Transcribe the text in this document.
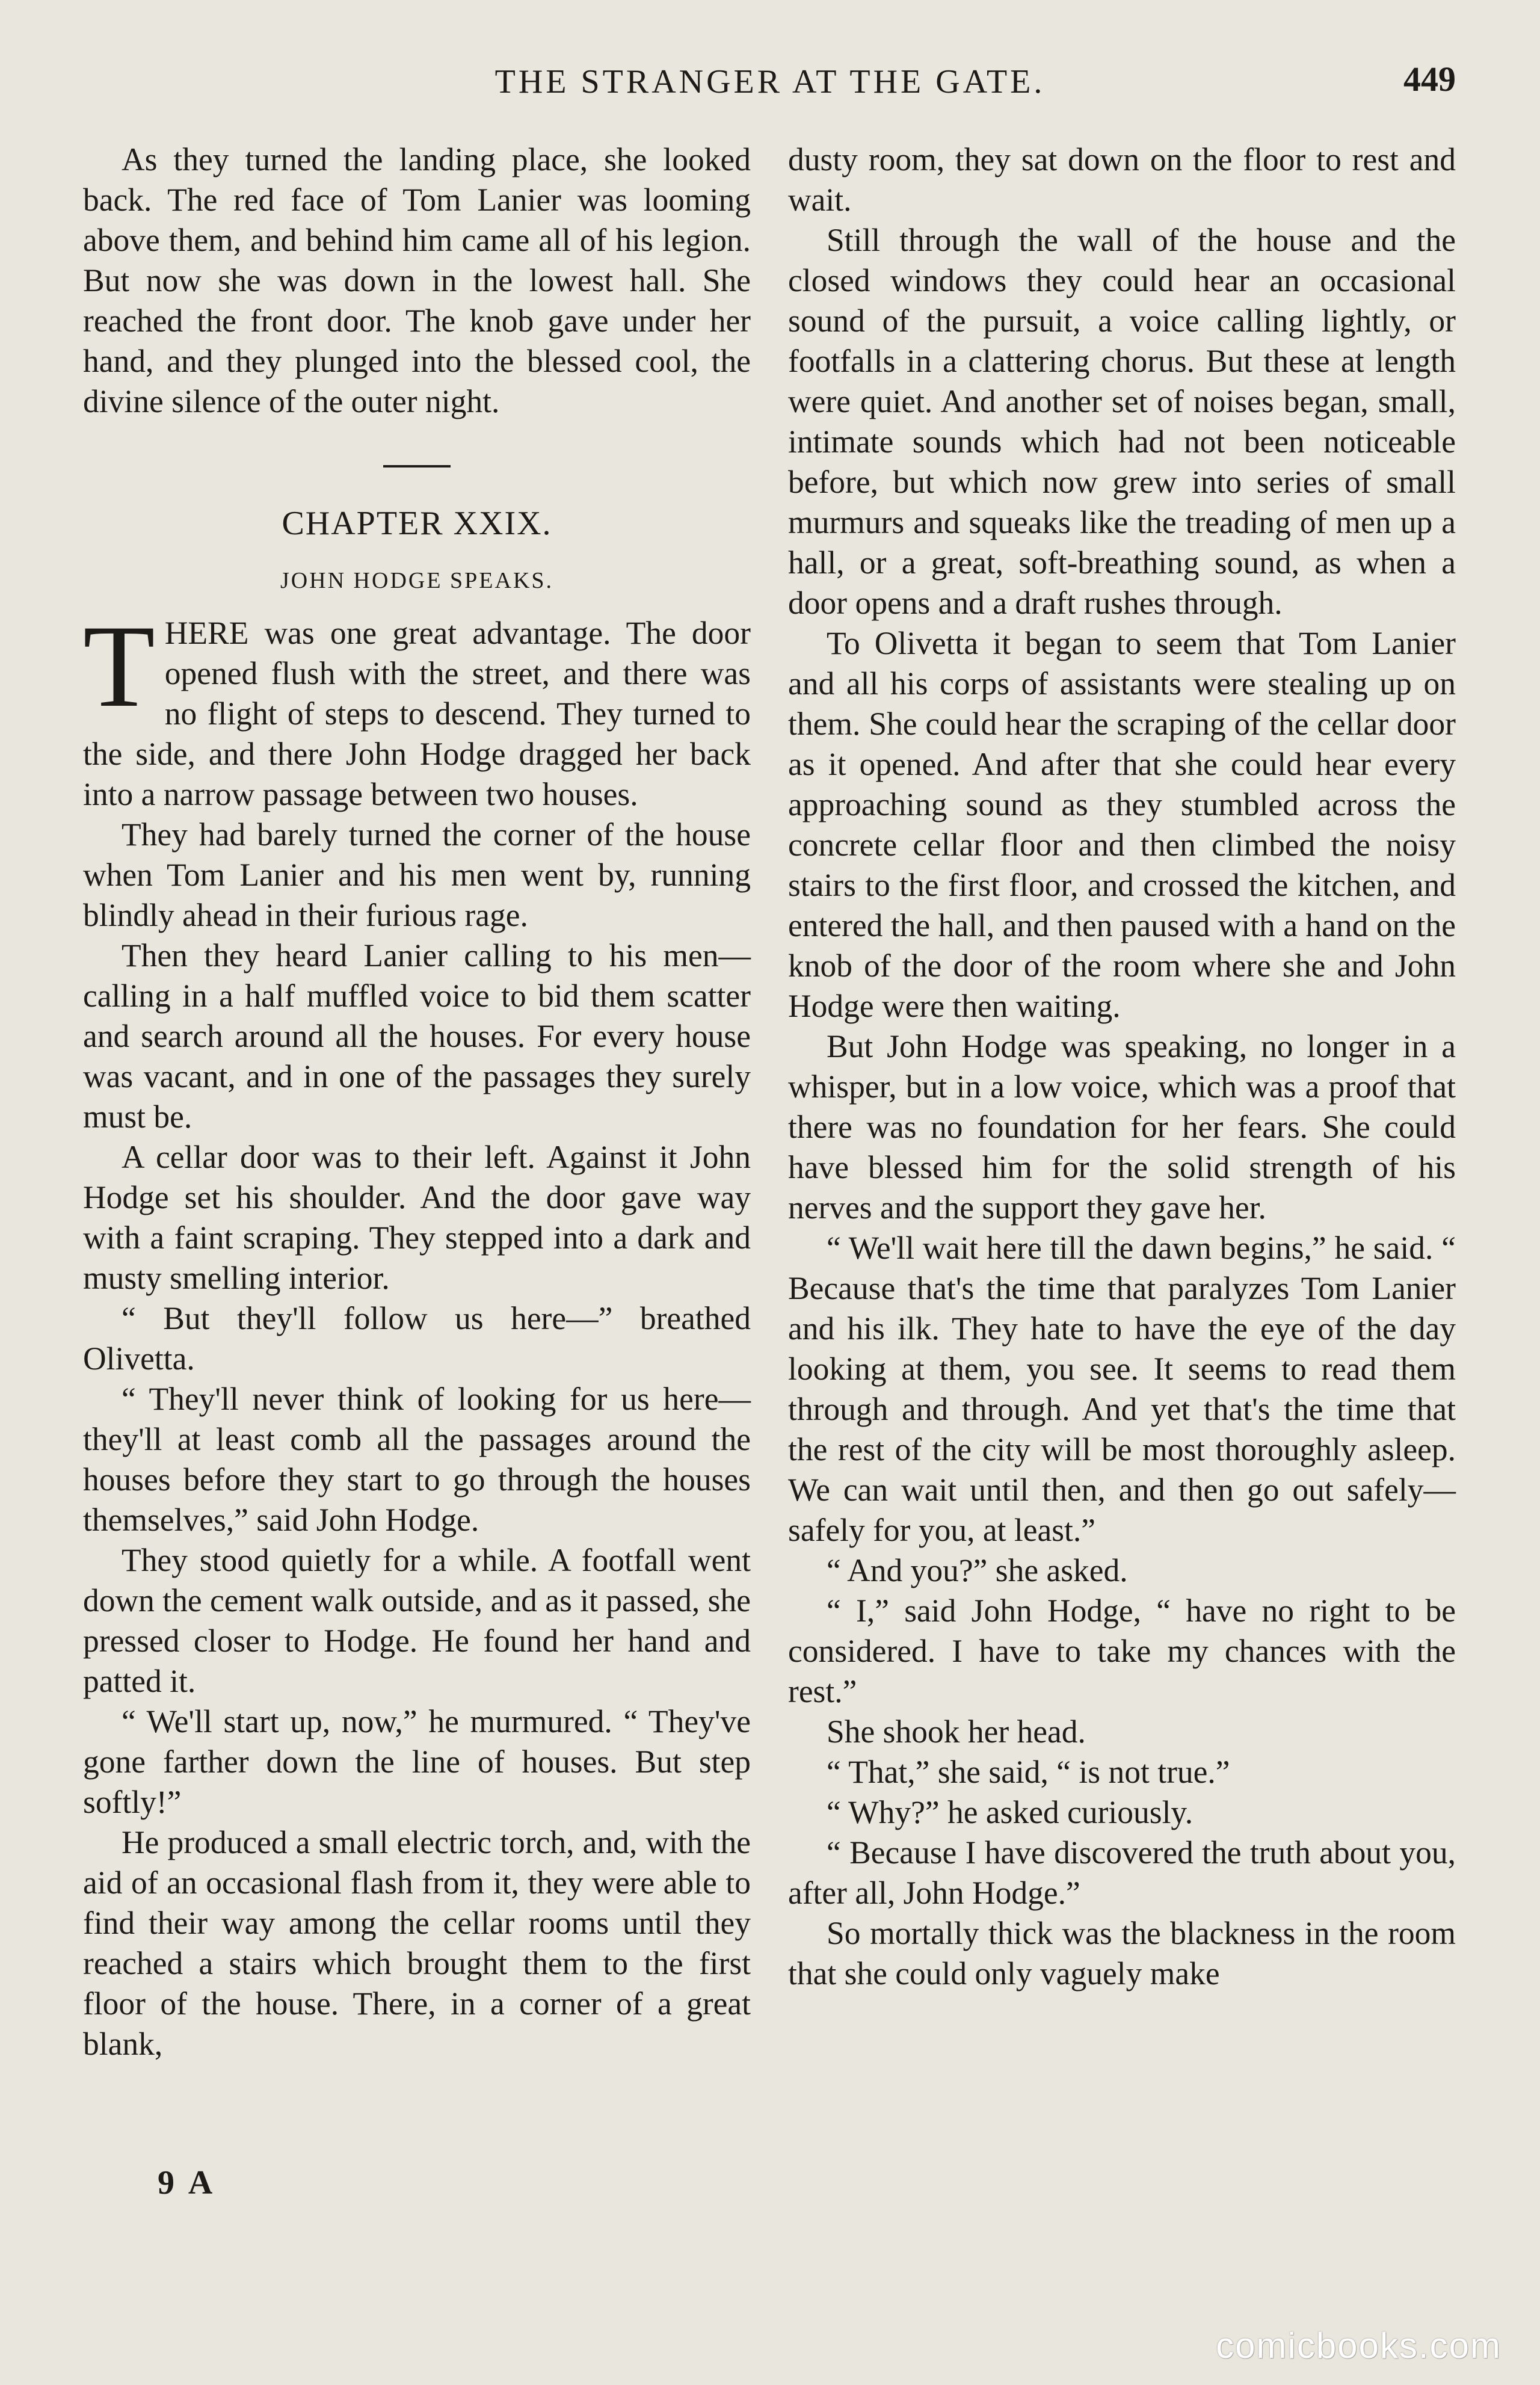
THE STRANGER AT THE GATE.	449

As they turned the landing place, she looked back. The red face of Tom Lanier was looming above them, and behind him came all of his legion. But now she was down in the lowest hall. She reached the front door. The knob gave under her hand, and they plunged into the blessed cool, the divine silence of the outer night.

CHAPTER XXIX.
JOHN HODGE SPEAKS.

THERE was one great advantage. The door opened flush with the street, and there was no flight of steps to descend. They turned to the side, and there John Hodge dragged her back into a narrow passage between two houses.

They had barely turned the corner of the house when Tom Lanier and his men went by, running blindly ahead in their furious rage.

Then they heard Lanier calling to his men—calling in a half muffled voice to bid them scatter and search around all the houses. For every house was vacant, and in one of the passages they surely must be.

A cellar door was to their left. Against it John Hodge set his shoulder. And the door gave way with a faint scraping. They stepped into a dark and musty smelling interior.

“ But they'll follow us here—” breathed Olivetta.

“ They'll never think of looking for us here—they'll at least comb all the passages around the houses before they start to go through the houses themselves,” said John Hodge.

They stood quietly for a while. A footfall went down the cement walk outside, and as it passed, she pressed closer to Hodge. He found her hand and patted it.

“ We'll start up, now,” he murmured. “ They've gone farther down the line of houses. But step softly!”

He produced a small electric torch, and, with the aid of an occasional flash from it, they were able to find their way among the cellar rooms until they reached a stairs which brought them to the first floor of the house. There, in a corner of a great blank,

dusty room, they sat down on the floor to rest and wait.

Still through the wall of the house and the closed windows they could hear an occasional sound of the pursuit, a voice calling lightly, or footfalls in a clattering chorus. But these at length were quiet. And another set of noises began, small, intimate sounds which had not been noticeable before, but which now grew into series of small murmurs and squeaks like the treading of men up a hall, or a great, soft-breathing sound, as when a door opens and a draft rushes through.

To Olivetta it began to seem that Tom Lanier and all his corps of assistants were stealing up on them. She could hear the scraping of the cellar door as it opened. And after that she could hear every approaching sound as they stumbled across the concrete cellar floor and then climbed the noisy stairs to the first floor, and crossed the kitchen, and entered the hall, and then paused with a hand on the knob of the door of the room where she and John Hodge were then waiting.

But John Hodge was speaking, no longer in a whisper, but in a low voice, which was a proof that there was no foundation for her fears. She could have blessed him for the solid strength of his nerves and the support they gave her.

“ We'll wait here till the dawn begins,” he said. “ Because that's the time that paralyzes Tom Lanier and his ilk. They hate to have the eye of the day looking at them, you see. It seems to read them through and through. And yet that's the time that the rest of the city will be most thoroughly asleep. We can wait until then, and then go out safely—safely for you, at least.”

“ And you?” she asked.

“ I,” said John Hodge, “ have no right to be considered. I have to take my chances with the rest.”

She shook her head.

“ That,” she said, “ is not true.”

“ Why?” he asked curiously.

“ Because I have discovered the truth about you, after all, John Hodge.”

So mortally thick was the blackness in the room that she could only vaguely make

9 A
comicbooks.com
